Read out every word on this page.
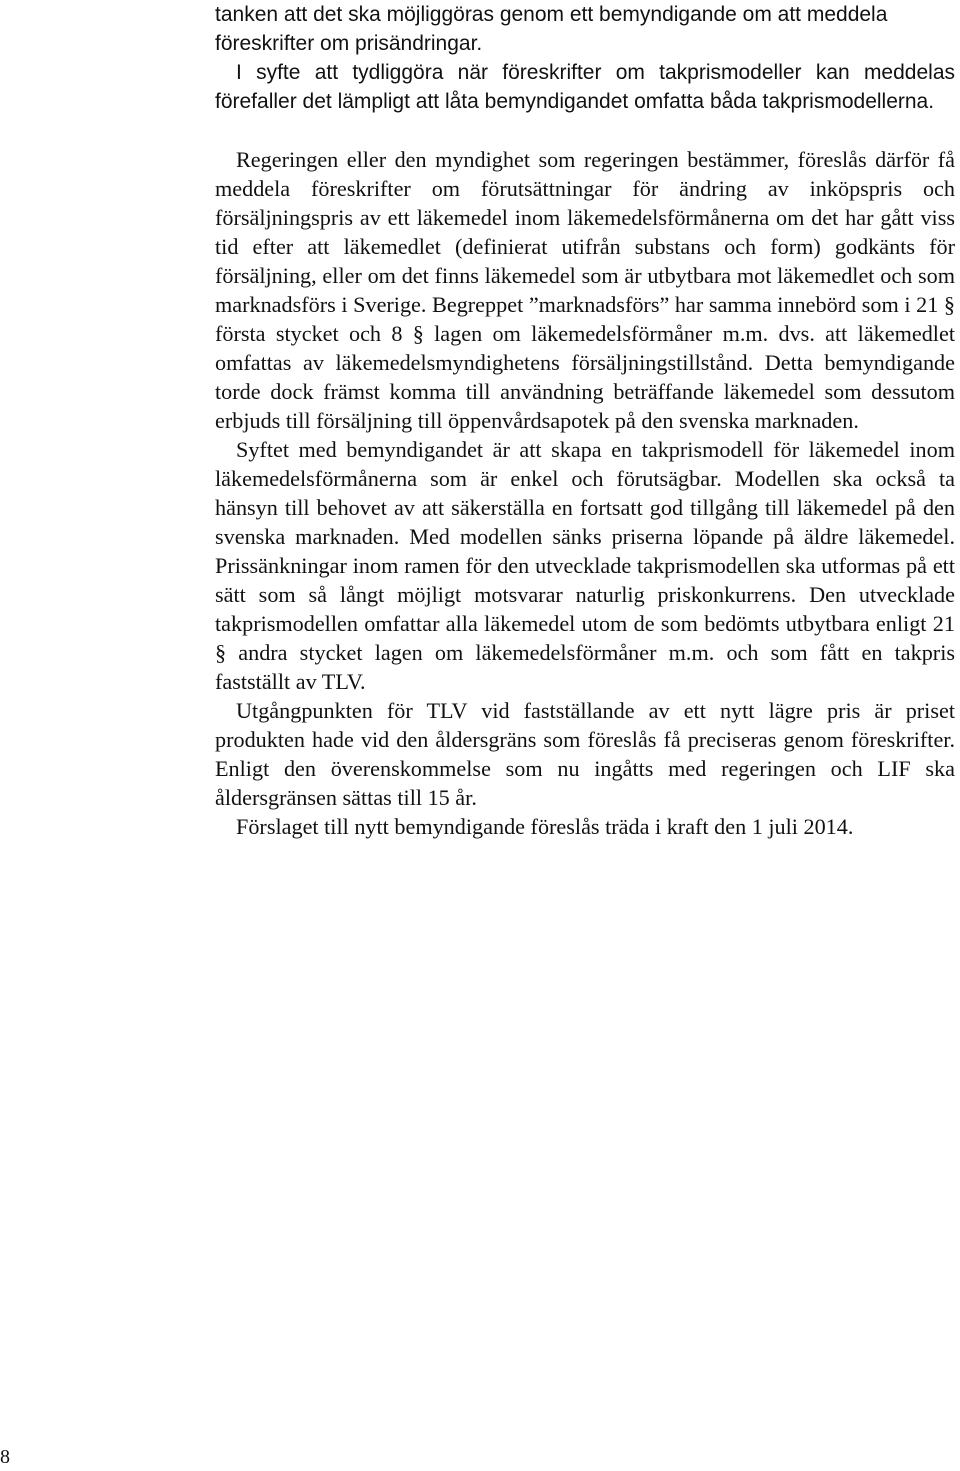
tanken att det ska möjliggöras genom ett bemyndigande om att meddela föreskrifter om prisändringar.

I syfte att tydliggöra när föreskrifter om takprismodeller kan meddelas förefaller det lämpligt att låta bemyndigandet omfatta båda takprismodellerna.

Regeringen eller den myndighet som regeringen bestämmer, föreslås därför få meddela föreskrifter om förutsättningar för ändring av inköpspris och försäljningspris av ett läkemedel inom läkemedelsförmånerna om det har gått viss tid efter att läkemedlet (definierat utifrån substans och form) godkänts för försäljning, eller om det finns läkemedel som är utbytbara mot läkemedlet och som marknadsförs i Sverige. Begreppet ”marknadsförs” har samma innebörd som i 21 § första stycket och 8 § lagen om läkemedelsförmåner m.m. dvs. att läkemedlet omfattas av läkemedelsmyndighetens försäljningstillstånd. Detta bemyndigande torde dock främst komma till användning beträffande läkemedel som dessutom erbjuds till försäljning till öppenvårdsapotek på den svenska marknaden.

Syftet med bemyndigandet är att skapa en takprismodell för läkemedel inom läkemedelsförmånerna som är enkel och förutsägbar. Modellen ska också ta hänsyn till behovet av att säkerställa en fortsatt god tillgång till läkemedel på den svenska marknaden. Med modellen sänks priserna löpande på äldre läkemedel. Prissänkningar inom ramen för den utvecklade takprismodellen ska utformas på ett sätt som så långt möjligt motsvarar naturlig priskonkurrens. Den utvecklade takprismodellen omfattar alla läkemedel utom de som bedömts utbytbara enligt 21 § andra stycket lagen om läkemedelsförmåner m.m. och som fått en takpris fastställt av TLV.

Utgångpunkten för TLV vid fastställande av ett nytt lägre pris är priset produkten hade vid den åldersgräns som föreslås få preciseras genom föreskrifter. Enligt den överenskommelse som nu ingåtts med regeringen och LIF ska åldersgränsen sättas till 15 år.

Förslaget till nytt bemyndigande föreslås träda i kraft den 1 juli 2014.

8
